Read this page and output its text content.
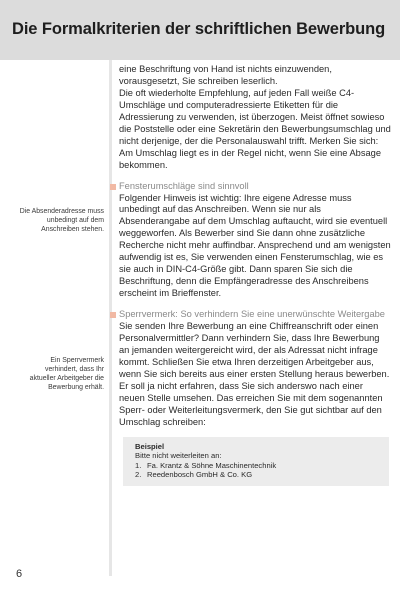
Die Formalkriterien der schriftlichen Bewerbung
Die Absenderadresse muss unbedingt auf dem Anschreiben stehen.
Ein Sperrvermerk verhindert, dass Ihr aktueller Arbeitgeber die Bewerbung erhält.

eine Beschriftung von Hand ist nichts einzuwenden, vorausgesetzt, Sie schreiben leserlich.
Die oft wiederholte Empfehlung, auf jeden Fall weiße C4-Umschläge und computeradressierte Etiketten für die Adressierung zu verwenden, ist überzogen. Meist öffnet sowieso die Poststelle oder eine Sekretärin den Bewerbungsumschlag und nicht derjenige, der die Personalauswahl trifft. Merken Sie sich: Am Umschlag liegt es in der Regel nicht, wenn Sie eine Absage bekommen.

Fensterumschläge sind sinnvoll

Folgender Hinweis ist wichtig: Ihre eigene Adresse muss unbedingt auf das Anschreiben. Wenn sie nur als Absenderangabe auf dem Umschlag auftaucht, wird sie eventuell weggeworfen. Als Bewerber sind Sie dann ohne zusätzliche Recherche nicht mehr auffindbar. Ansprechend und am wenigsten aufwendig ist es, Sie verwenden einen Fensterumschlag, wie es sie auch in DIN-C4-Größe gibt. Dann sparen Sie sich die Beschriftung, denn die Empfängeradresse des Anschreibens erscheint im Brieffenster.

Sperrvermerk: So verhindern Sie eine unerwünschte Weitergabe

Sie senden Ihre Bewerbung an eine Chiffreanschrift oder einen Personalvermittler? Dann verhindern Sie, dass Ihre Bewerbung an jemanden weitergereicht wird, der als Adressat nicht infrage kommt. Schließen Sie etwa Ihren derzeitigen Arbeitgeber aus, wenn Sie sich bereits aus einer ersten Stellung heraus bewerben. Er soll ja nicht erfahren, dass Sie sich anderswo nach einer neuen Stelle umsehen. Das erreichen Sie mit dem sogenannten Sperr- oder Weiterleitungsvermerk, den Sie gut sichtbar auf den Umschlag schreiben:

Beispiel
Bitte nicht weiterleiten an:
1. Fa. Krantz & Söhne Maschinentechnik
2. Reedenbosch GmbH & Co. KG
6
